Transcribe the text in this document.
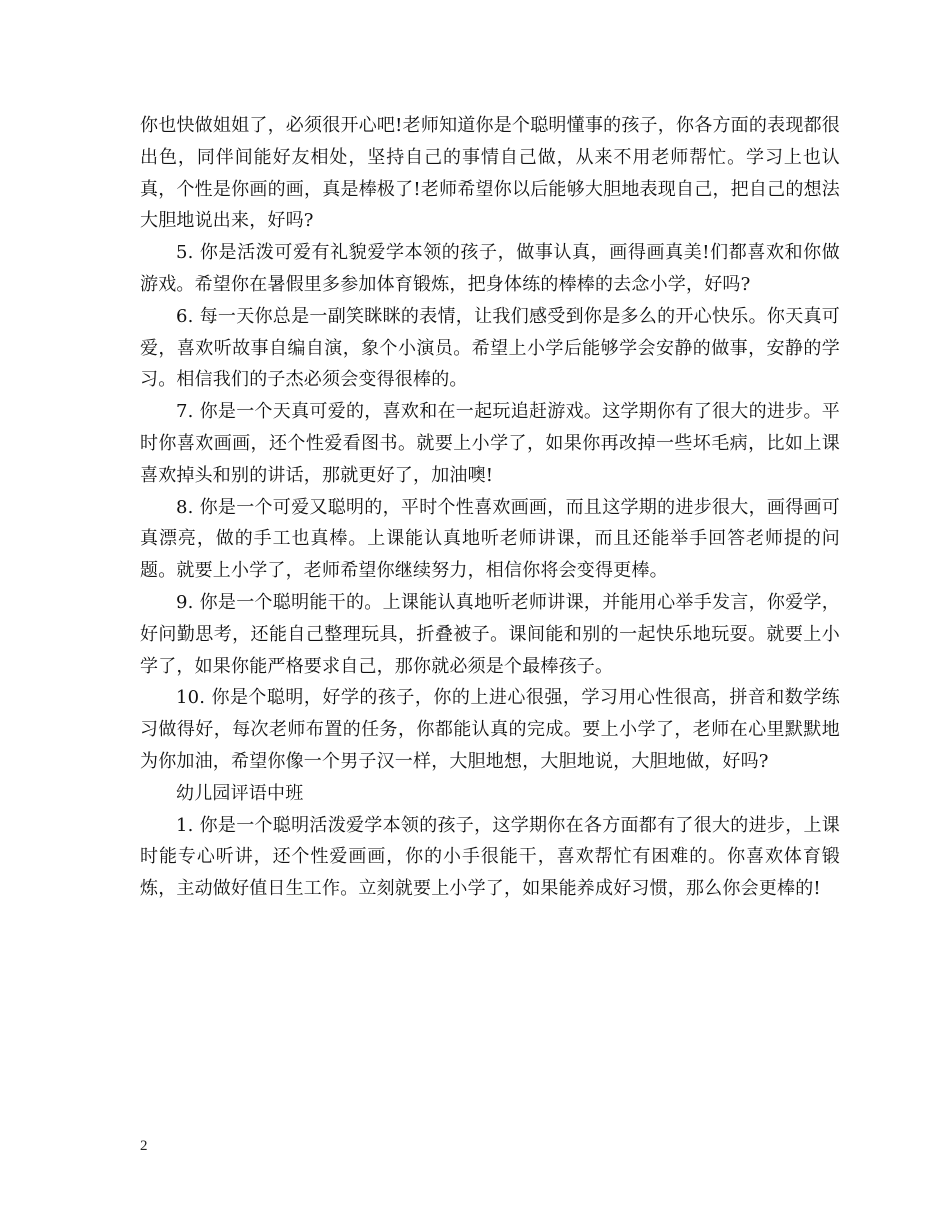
你也快做姐姐了，必须很开心吧!老师知道你是个聪明懂事的孩子，你各方面的表现都很出色，同伴间能好友相处，坚持自己的事情自己做，从来不用老师帮忙。学习上也认真，个性是你画的画，真是棒极了!老师希望你以后能够大胆地表现自己，把自己的想法大胆地说出来，好吗?

5. 你是活泼可爱有礼貌爱学本领的孩子，做事认真，画得画真美!们都喜欢和你做游戏。希望你在暑假里多参加体育锻炼，把身体练的棒棒的去念小学，好吗?

6. 每一天你总是一副笑眯眯的表情，让我们感受到你是多么的开心快乐。你天真可爱，喜欢听故事自编自演，象个小演员。希望上小学后能够学会安静的做事，安静的学习。相信我们的子杰必须会变得很棒的。

7. 你是一个天真可爱的，喜欢和在一起玩追赶游戏。这学期你有了很大的进步。平时你喜欢画画，还个性爱看图书。就要上小学了，如果你再改掉一些坏毛病，比如上课喜欢掉头和别的讲话，那就更好了，加油噢!

8. 你是一个可爱又聪明的，平时个性喜欢画画，而且这学期的进步很大，画得画可真漂亮，做的手工也真棒。上课能认真地听老师讲课，而且还能举手回答老师提的问题。就要上小学了，老师希望你继续努力，相信你将会变得更棒。

9. 你是一个聪明能干的。上课能认真地听老师讲课，并能用心举手发言，你爱学，好问勤思考，还能自己整理玩具，折叠被子。课间能和别的一起快乐地玩耍。就要上小学了，如果你能严格要求自己，那你就必须是个最棒孩子。

10. 你是个聪明，好学的孩子，你的上进心很强，学习用心性很高，拼音和数学练习做得好，每次老师布置的任务，你都能认真的完成。要上小学了，老师在心里默默地为你加油，希望你像一个男子汉一样，大胆地想，大胆地说，大胆地做，好吗?

幼儿园评语中班

1. 你是一个聪明活泼爱学本领的孩子，这学期你在各方面都有了很大的进步，上课时能专心听讲，还个性爱画画，你的小手很能干，喜欢帮忙有困难的。你喜欢体育锻炼，主动做好值日生工作。立刻就要上小学了，如果能养成好习惯，那么你会更棒的!

2
